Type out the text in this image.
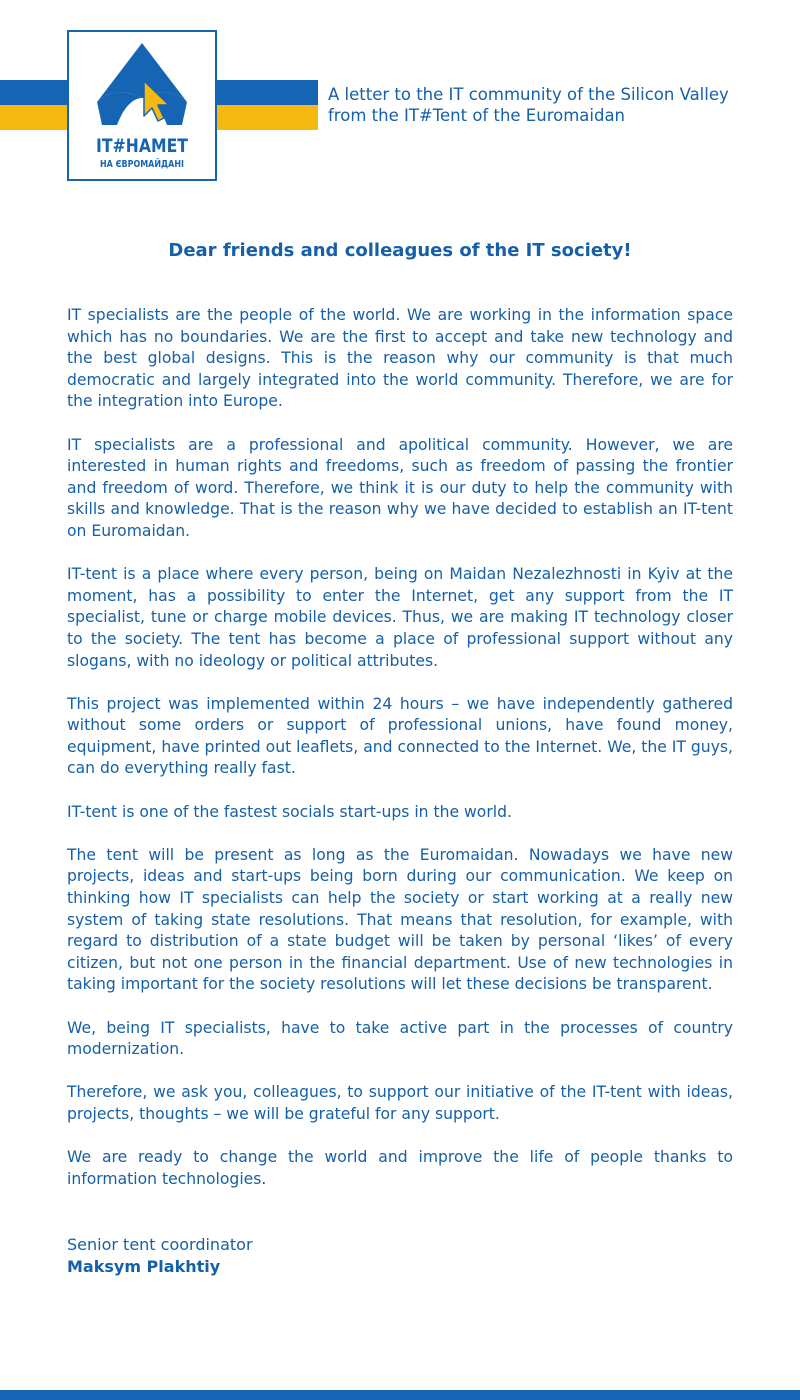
IT#НАМЕТ
НА ЄВРОМАЙДАНІ
A letter to the IT community of the Silicon Valley
from the IT#Tent of the Euromaidan
Dear friends and colleagues of the IT society!

IT specialists are the people of the world. We are working in the information space which has no boundaries. We are the first to accept and take new technology and the best global designs. This is the reason why our community is that much democratic and largely integrated into the world community. Therefore, we are for the integration into Europe.

IT specialists are a professional and apolitical community. However, we are interested in human rights and freedoms, such as freedom of passing the frontier and freedom of word. Therefore, we think it is our duty to help the community with skills and knowledge. That is the reason why we have decided to establish an IT-tent on Euromaidan.

IT-tent is a place where every person, being on Maidan Nezalezhnosti in Kyiv at the moment, has a possibility to enter the Internet, get any support from the IT specialist, tune or charge mobile devices. Thus, we are making IT technology closer to the society. The tent has become a place of professional support without any slogans, with no ideology or political attributes.

This project was implemented within 24 hours – we have independently gathered without some orders or support of professional unions, have found money, equipment, have printed out leaflets, and connected to the Internet. We, the IT guys, can do everything really fast.

IT-tent is one of the fastest socials start-ups in the world.

The tent will be present as long as the Euromaidan. Nowadays we have new projects, ideas and start-ups being born during our communication. We keep on thinking how IT specialists can help the society or start working at a really new system of taking state resolutions. That means that resolution, for example, with regard to distribution of a state budget will be taken by personal ‘likes’ of every citizen, but not one person in the financial department. Use of new technologies in taking important for the society resolutions will let these decisions be transparent.

We, being IT specialists, have to take active part in the processes of country modernization.

Therefore, we ask you, colleagues, to support our initiative of the IT-tent with ideas, projects, thoughts – we will be grateful for any support.

We are ready to change the world and improve the life of people thanks to information technologies.

Senior tent coordinator
Maksym Plakhtiy
